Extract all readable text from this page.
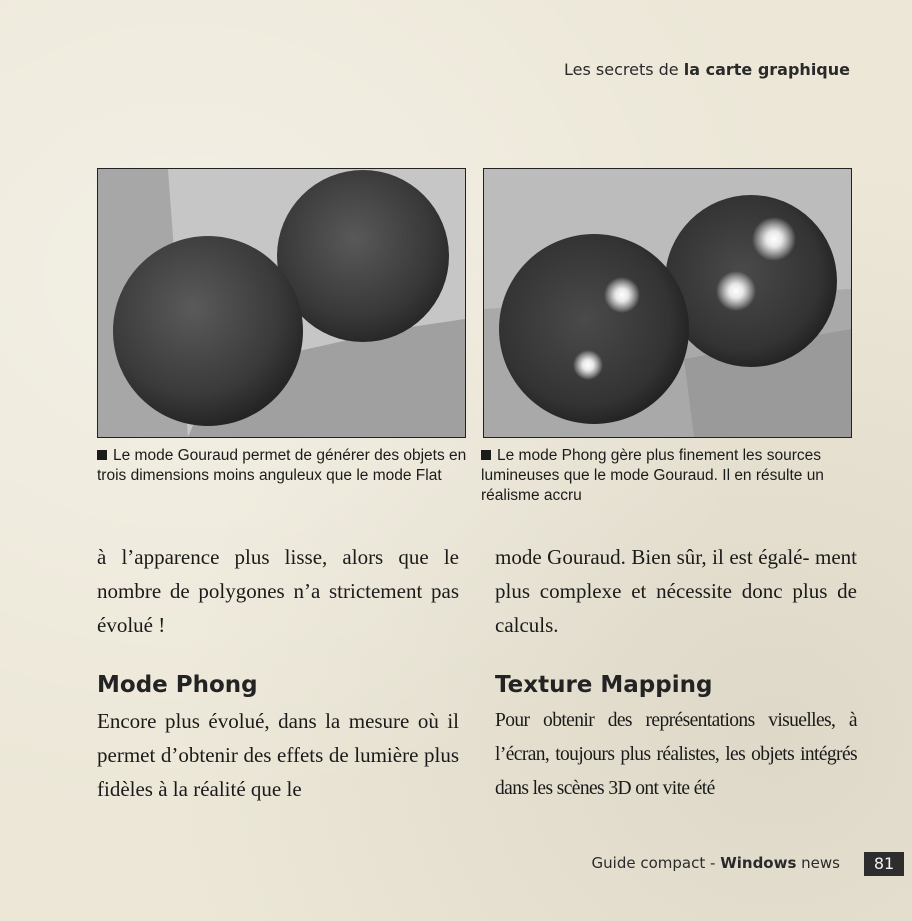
Les secrets de la carte graphique
Le mode Gouraud permet de générer des objets en trois dimensions moins anguleux que le mode Flat
Le mode Phong gère plus finement les sources lumineuses que le mode Gouraud. Il en résulte un réalisme accru
à l’apparence plus lisse, alors que le nombre de polygones n’a strictement pas évolué !
mode Gouraud. Bien sûr, il est égalé- ment plus complexe et nécessite donc plus de calculs.
Mode Phong	Texture Mapping
Encore plus évolué, dans la mesure où il permet d’obtenir des effets de lumière plus fidèles à la réalité que le
Pour obtenir des représentations visuelles, à l’écran, toujours plus réalistes, les objets intégrés dans les scènes 3D ont vite été
Guide compact - Windows news	81
